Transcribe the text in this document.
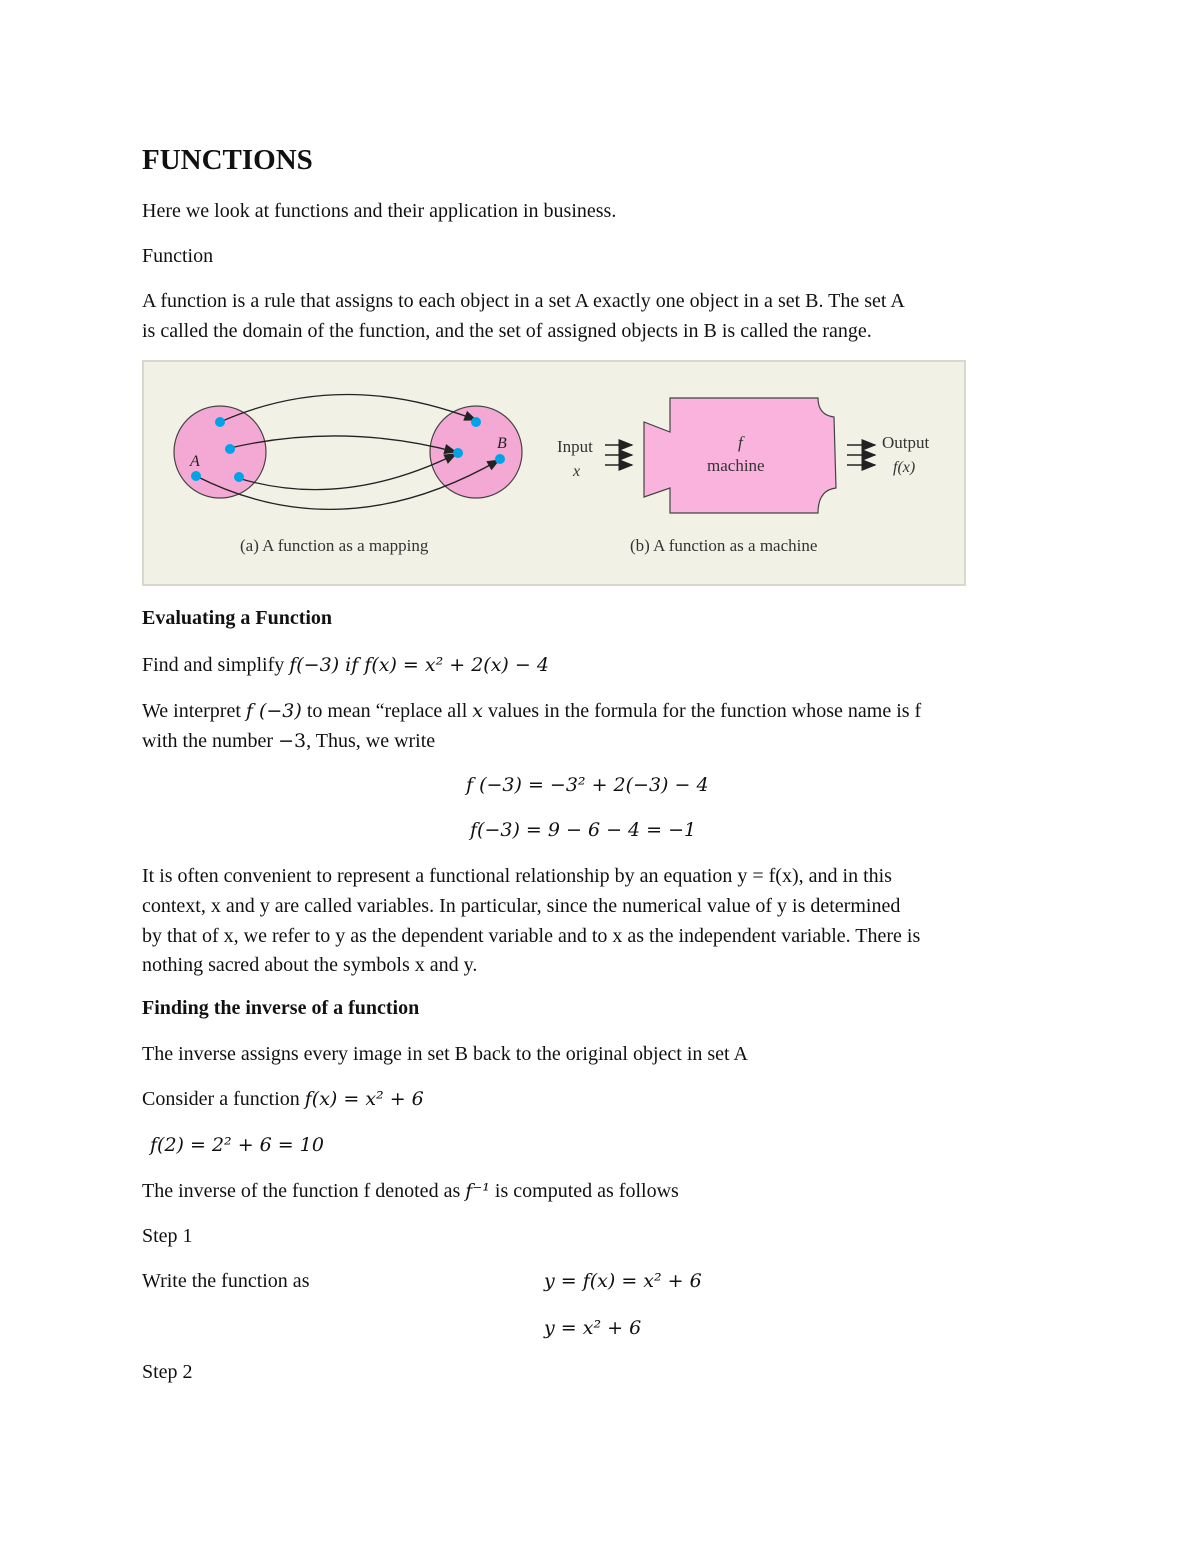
FUNCTIONS
Here we look at functions and their application in business.
Function
A function is a rule that assigns to each object in a set A exactly one object in a set B. The set A
is called the domain of the function, and the set of assigned objects in B is called the range.
A
B
(a) A function as a mapping
Input
x
f
machine
Output
f(x)
(b) A function as a machine
Evaluating a Function
Find and simplify f(−3) if f(x) = x² + 2(x) − 4
We interpret f (−3) to mean “replace all x values in the formula for the function whose name is f
with the number −3, Thus, we write
f (−3) = −3² + 2(−3) − 4
f(−3) = 9 − 6 − 4 = −1
It is often convenient to represent a functional relationship by an equation y = f(x), and in this
context, x and y are called variables. In particular, since the numerical value of y is determined
by that of x, we refer to y as the dependent variable and to x as the independent variable. There is
nothing sacred about the symbols x and y.
Finding the inverse of a function
The inverse assigns every image in set B back to the original object in set A
Consider a function f(x) = x² + 6
f(2) = 2² + 6 = 10
The inverse of the function f denoted as f⁻¹ is computed as follows
Step 1
Write the function as	y = f(x) = x² + 6
y = x² + 6
Step 2
